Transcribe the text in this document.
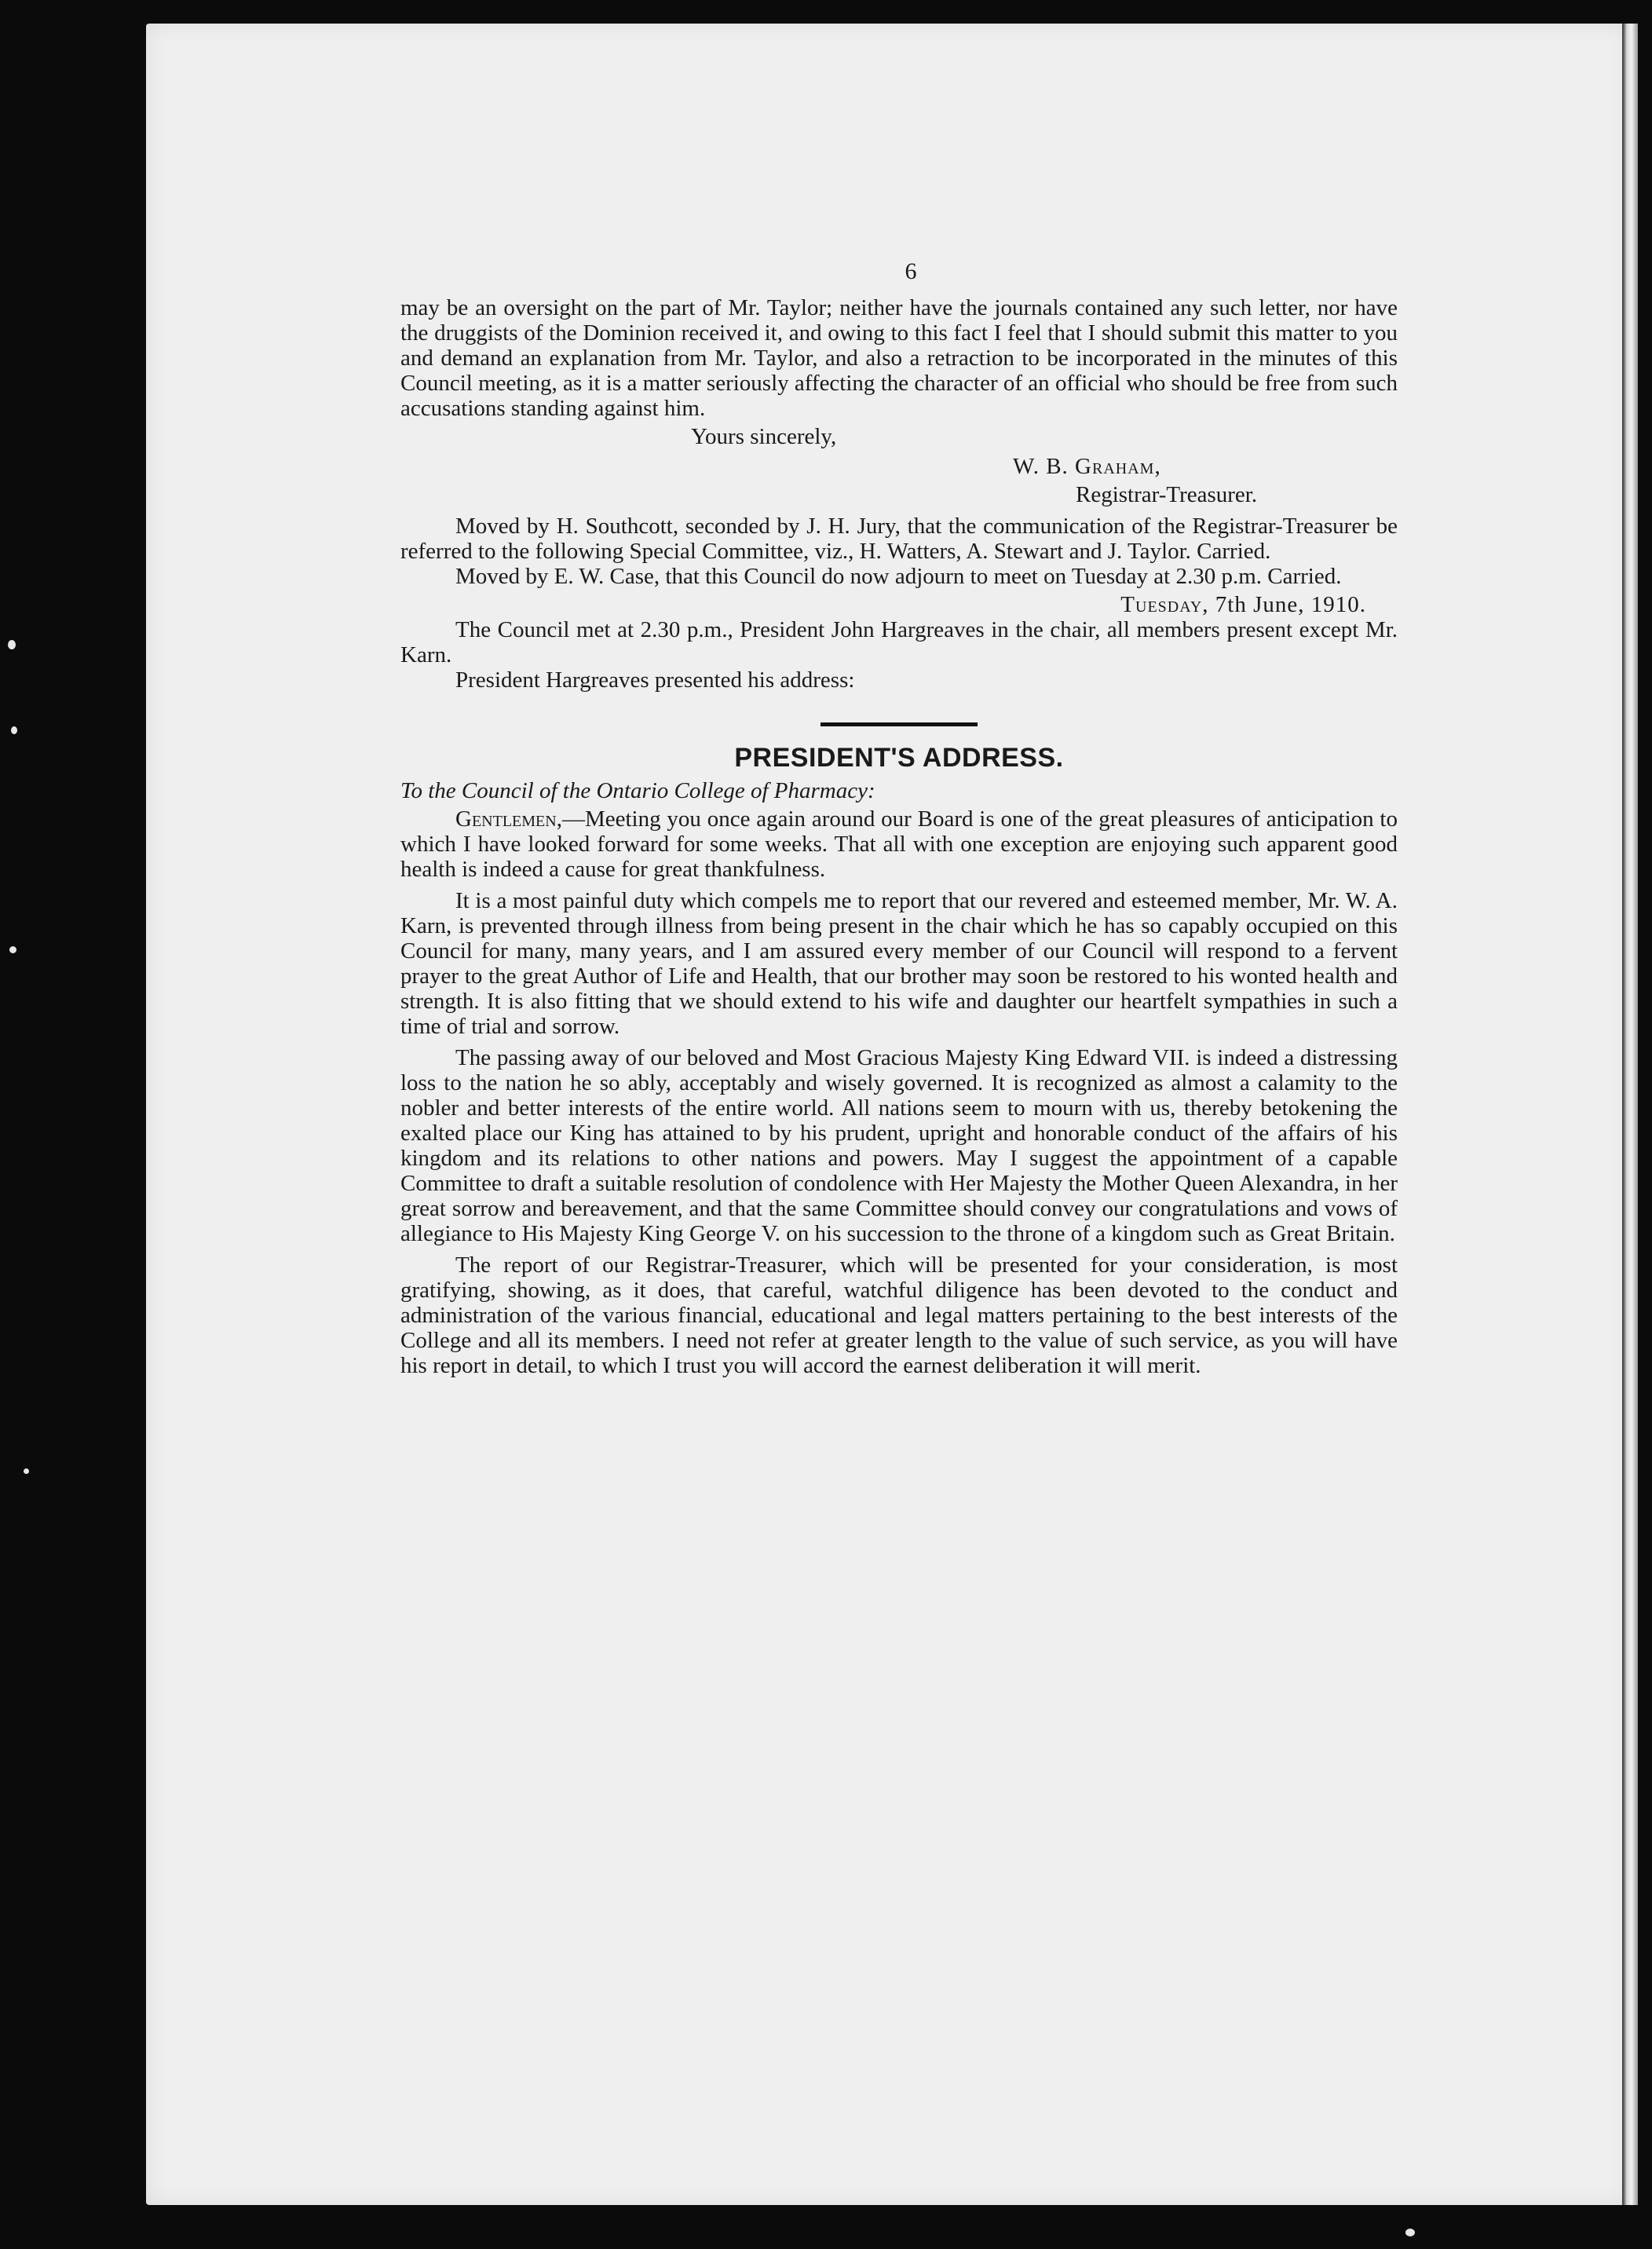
6

may be an oversight on the part of Mr. Taylor; neither have the journals contained any such letter, nor have the druggists of the Dominion received it, and owing to this fact I feel that I should submit this matter to you and demand an explanation from Mr. Taylor, and also a retraction to be incorporated in the minutes of this Council meeting, as it is a matter seriously affecting the character of an official who should be free from such accusations standing against him.

Yours sincerely,

W. B. Graham,

Registrar-Treasurer.

Moved by H. Southcott, seconded by J. H. Jury, that the communication of the Registrar-Treasurer be referred to the following Special Committee, viz., H. Watters, A. Stewart and J. Taylor. Carried.

Moved by E. W. Case, that this Council do now adjourn to meet on Tuesday at 2.30 p.m. Carried.

Tuesday, 7th June, 1910.

The Council met at 2.30 p.m., President John Hargreaves in the chair, all members present except Mr. Karn.

President Hargreaves presented his address:

PRESIDENT'S ADDRESS.

To the Council of the Ontario College of Pharmacy:

Gentlemen,—Meeting you once again around our Board is one of the great pleasures of anticipation to which I have looked forward for some weeks. That all with one exception are enjoying such apparent good health is indeed a cause for great thankfulness.

It is a most painful duty which compels me to report that our revered and esteemed member, Mr. W. A. Karn, is prevented through illness from being present in the chair which he has so capably occupied on this Council for many, many years, and I am assured every member of our Council will respond to a fervent prayer to the great Author of Life and Health, that our brother may soon be restored to his wonted health and strength. It is also fitting that we should extend to his wife and daughter our heartfelt sympathies in such a time of trial and sorrow.

The passing away of our beloved and Most Gracious Majesty King Edward VII. is indeed a distressing loss to the nation he so ably, acceptably and wisely governed. It is recognized as almost a calamity to the nobler and better interests of the entire world. All nations seem to mourn with us, thereby betokening the exalted place our King has attained to by his prudent, upright and honorable conduct of the affairs of his kingdom and its relations to other nations and powers. May I suggest the appointment of a capable Committee to draft a suitable resolution of condolence with Her Majesty the Mother Queen Alexandra, in her great sorrow and bereavement, and that the same Committee should convey our congratulations and vows of allegiance to His Majesty King George V. on his succession to the throne of a kingdom such as Great Britain.

The report of our Registrar-Treasurer, which will be presented for your consideration, is most gratifying, showing, as it does, that careful, watchful diligence has been devoted to the conduct and administration of the various financial, educational and legal matters pertaining to the best interests of the College and all its members. I need not refer at greater length to the value of such service, as you will have his report in detail, to which I trust you will accord the earnest deliberation it will merit.
